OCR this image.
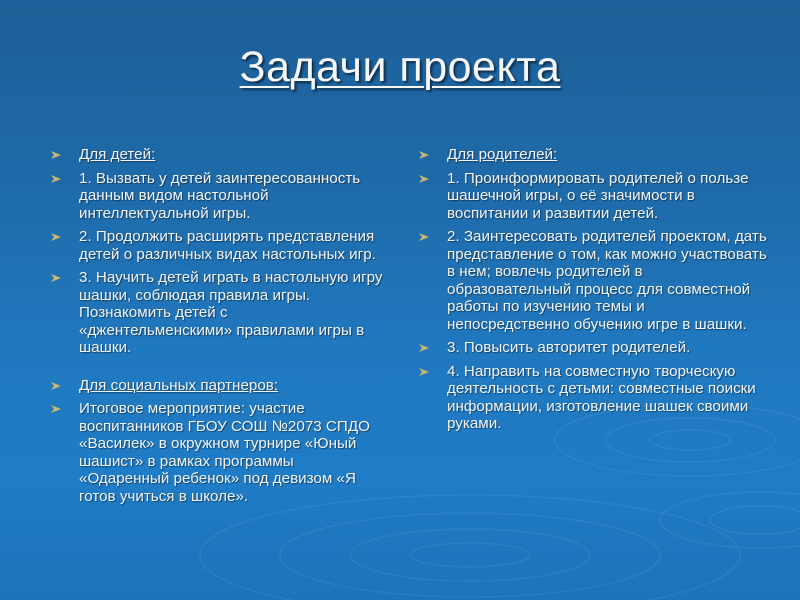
Задачи проекта
Для детей:
1. Вызвать у детей заинтересованность данным видом настольной интеллектуальной игры.
2. Продолжить расширять представления детей о различных видах настольных игр.
3. Научить детей играть в настольную игру шашки, соблюдая правила игры. Познакомить детей с «джентельменскими» правилами игры в шашки.
Для социальных партнеров:
Итоговое мероприятие: участие воспитанников ГБОУ СОШ №2073 СПДО «Василек» в окружном турнире «Юный шашист» в рамках программы «Одаренный ребенок» под девизом «Я готов учиться в школе».
Для родителей:
1. Проинформировать родителей о пользе шашечной игры, о её значимости в воспитании и развитии детей.
2. Заинтересовать родителей проектом, дать представление о том, как можно участвовать в нем; вовлечь родителей в образовательный процесс для совместной работы по изучению темы и непосредственно обучению игре в шашки.
3. Повысить авторитет родителей.
4. Направить на совместную творческую деятельность с детьми: совместные поиски информации, изготовление шашек своими руками.
